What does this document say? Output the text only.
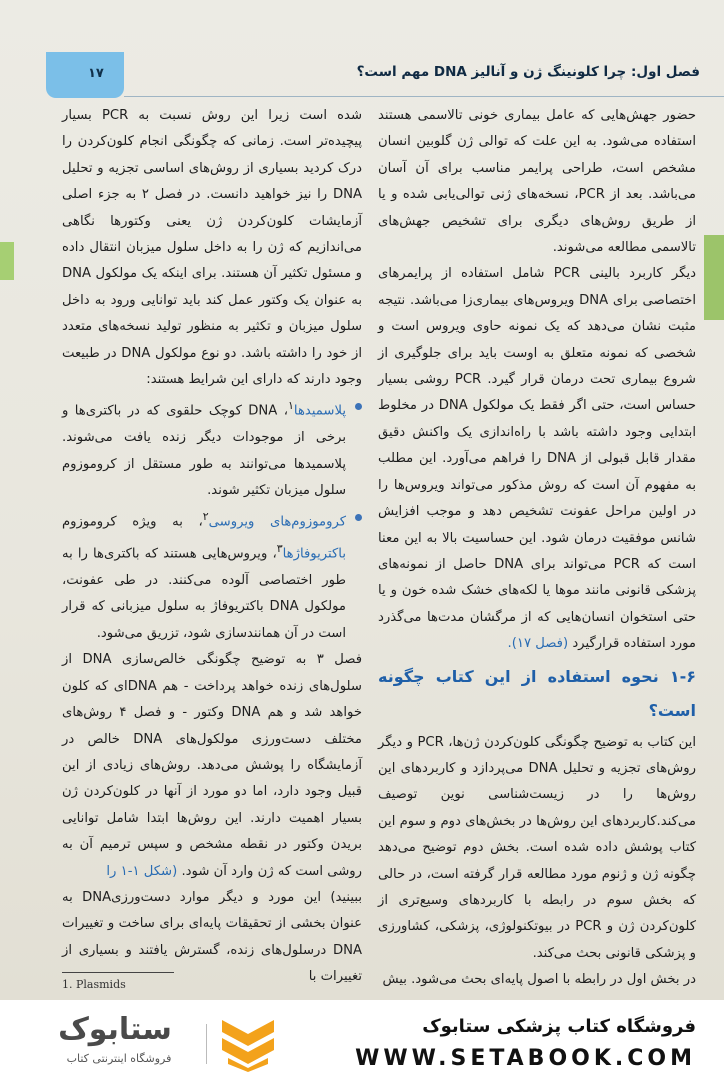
۱۷	فصل اول: چرا کلونینگ ژن و آنالیز DNA مهم است؟

حضور جهش‌هایی که عامل بیماری خونی تالاسمی هستند استفاده می‌شود. به این علت که توالی ژن گلوبین انسان مشخص است، طراحی پرایمر مناسب برای آن آسان می‌باشد. بعد از PCR، نسخه‌های ژنی توالی‌یابی شده و یا از طریق روش‌های دیگری برای تشخیص جهش‌های تالاسمی مطالعه می‌شوند.

دیگر کاربرد بالینی PCR شامل استفاده از پرایمرهای اختصاصی برای DNA ویروس‌های بیماری‌زا می‌باشد. نتیجه مثبت نشان می‌دهد که یک نمونه حاوی ویروس است و شخصی که نمونه متعلق به اوست باید برای جلوگیری از شروع بیماری تحت درمان قرار گیرد. PCR روشی بسیار حساس است، حتی اگر فقط یک مولکول DNA در مخلوط ابتدایی وجود داشته باشد با راه‌اندازی یک واکنش دقیق مقدار قابل قبولی از DNA را فراهم می‌آورد. این مطلب به مفهوم آن است که روش مذکور می‌تواند ویروس‌ها را در اولین مراحل عفونت تشخیص دهد و موجب افزایش شانس موفقیت درمان شود. این حساسیت بالا به این معنا است که PCR می‌تواند برای DNA حاصل از نمونه‌های پزشکی قانونی مانند موها یا لکه‌های خشک شده خون و یا حتی استخوان انسان‌هایی که از مرگشان مدت‌ها می‌گذرد مورد استفاده قرارگیرد (فصل ۱۷).

۱-۶ نحوه استفاده از این کتاب چگونه است؟

این کتاب به توضیح چگونگی کلون‌کردن ژن‌ها، PCR و دیگر روش‌های تجزیه و تحلیل DNA می‌پردازد و کاربردهای این روش‌ها را در زیست‌شناسی نوین توصیف می‌کند.کاربردهای این روش‌ها در بخش‌های دوم و سوم این کتاب پوشش داده شده است. بخش دوم توضیح می‌دهد چگونه ژن و ژنوم مورد مطالعه قرار گرفته است، در حالی که بخش سوم در رابطه با کاربردهای وسیع‌تری از کلون‌کردن ژن و PCR در بیوتکنولوژی، پزشکی، کشاورزی و پزشکی قانونی بحث می‌کند.

در بخش اول در رابطه با اصول پایه‌ای بحث می‌شود. بیش

شده است زیرا این روش نسبت به PCR بسیار پیچیده‌تر است. زمانی که چگونگی انجام کلون‌کردن را درک کردید بسیاری از روش‌های اساسی تجزیه و تحلیل DNA را نیز خواهید دانست. در فصل ۲ به جزء اصلی آزمایشات کلون‌کردن ژن یعنی وکتورها نگاهی می‌اندازیم که ژن را به داخل سلول میزبان انتقال داده و مسئول تکثیر آن هستند. برای اینکه یک مولکول DNA به عنوان یک وکتور عمل کند باید توانایی ورود به داخل سلول میزبان و تکثیر به منظور تولید نسخه‌های متعدد از خود را داشته باشد. دو نوع مولکول DNA در طبیعت وجود دارند که دارای این شرایط هستند:

پلاسمیدها$^۱$، DNA کوچک حلقوی که در باکتری‌ها و برخی از موجودات دیگر زنده یافت می‌شوند. پلاسمیدها می‌توانند به طور مستقل از کروموزوم سلول میزبان تکثیر شوند.

کروموزوم‌های ویروسی$^۲$، به ویژه کروموزوم باکتریوفاژها$^۳$، ویروس‌هایی هستند که باکتری‌ها را به طور اختصاصی آلوده می‌کنند. در طی عفونت، مولکول DNA باکتریوفاژ به سلول میزبانی که قرار است در آن همانندسازی شود، تزریق می‌شود.

فصل ۳ به توضیح چگونگی خالص‌سازی DNA از سلول‌های زنده خواهد پرداخت - هم DNAای که کلون خواهد شد و هم DNA وکتور - و فصل ۴ روش‌های مختلف دست‌ورزی مولکول‌های DNA خالص در آزمایشگاه را پوشش می‌دهد. روش‌های زیادی از این قبیل وجود دارد، اما دو مورد از آنها در کلون‌کردن ژن بسیار اهمیت دارند. این روش‌ها ابتدا شامل توانایی بریدن وکتور در نقطه مشخص و سپس ترمیم آن به روشی است که ژن وارد آن شود. (شکل ۱-۱ را

ببینید) این مورد و دیگر موارد دست‌ورزی‌DNA به عنوان بخشی از تحقیقات پایه‌ای برای ساخت و تغییرات DNA درسلول‌های زنده، گسترش یافتند و بسیاری از تغییرات با

1. Plasmids
فروشگاه کتاب پزشکی ستابوک
WWW.SETABOOK.COM
ستابوک
فروشگاه اینترنتی کتاب
